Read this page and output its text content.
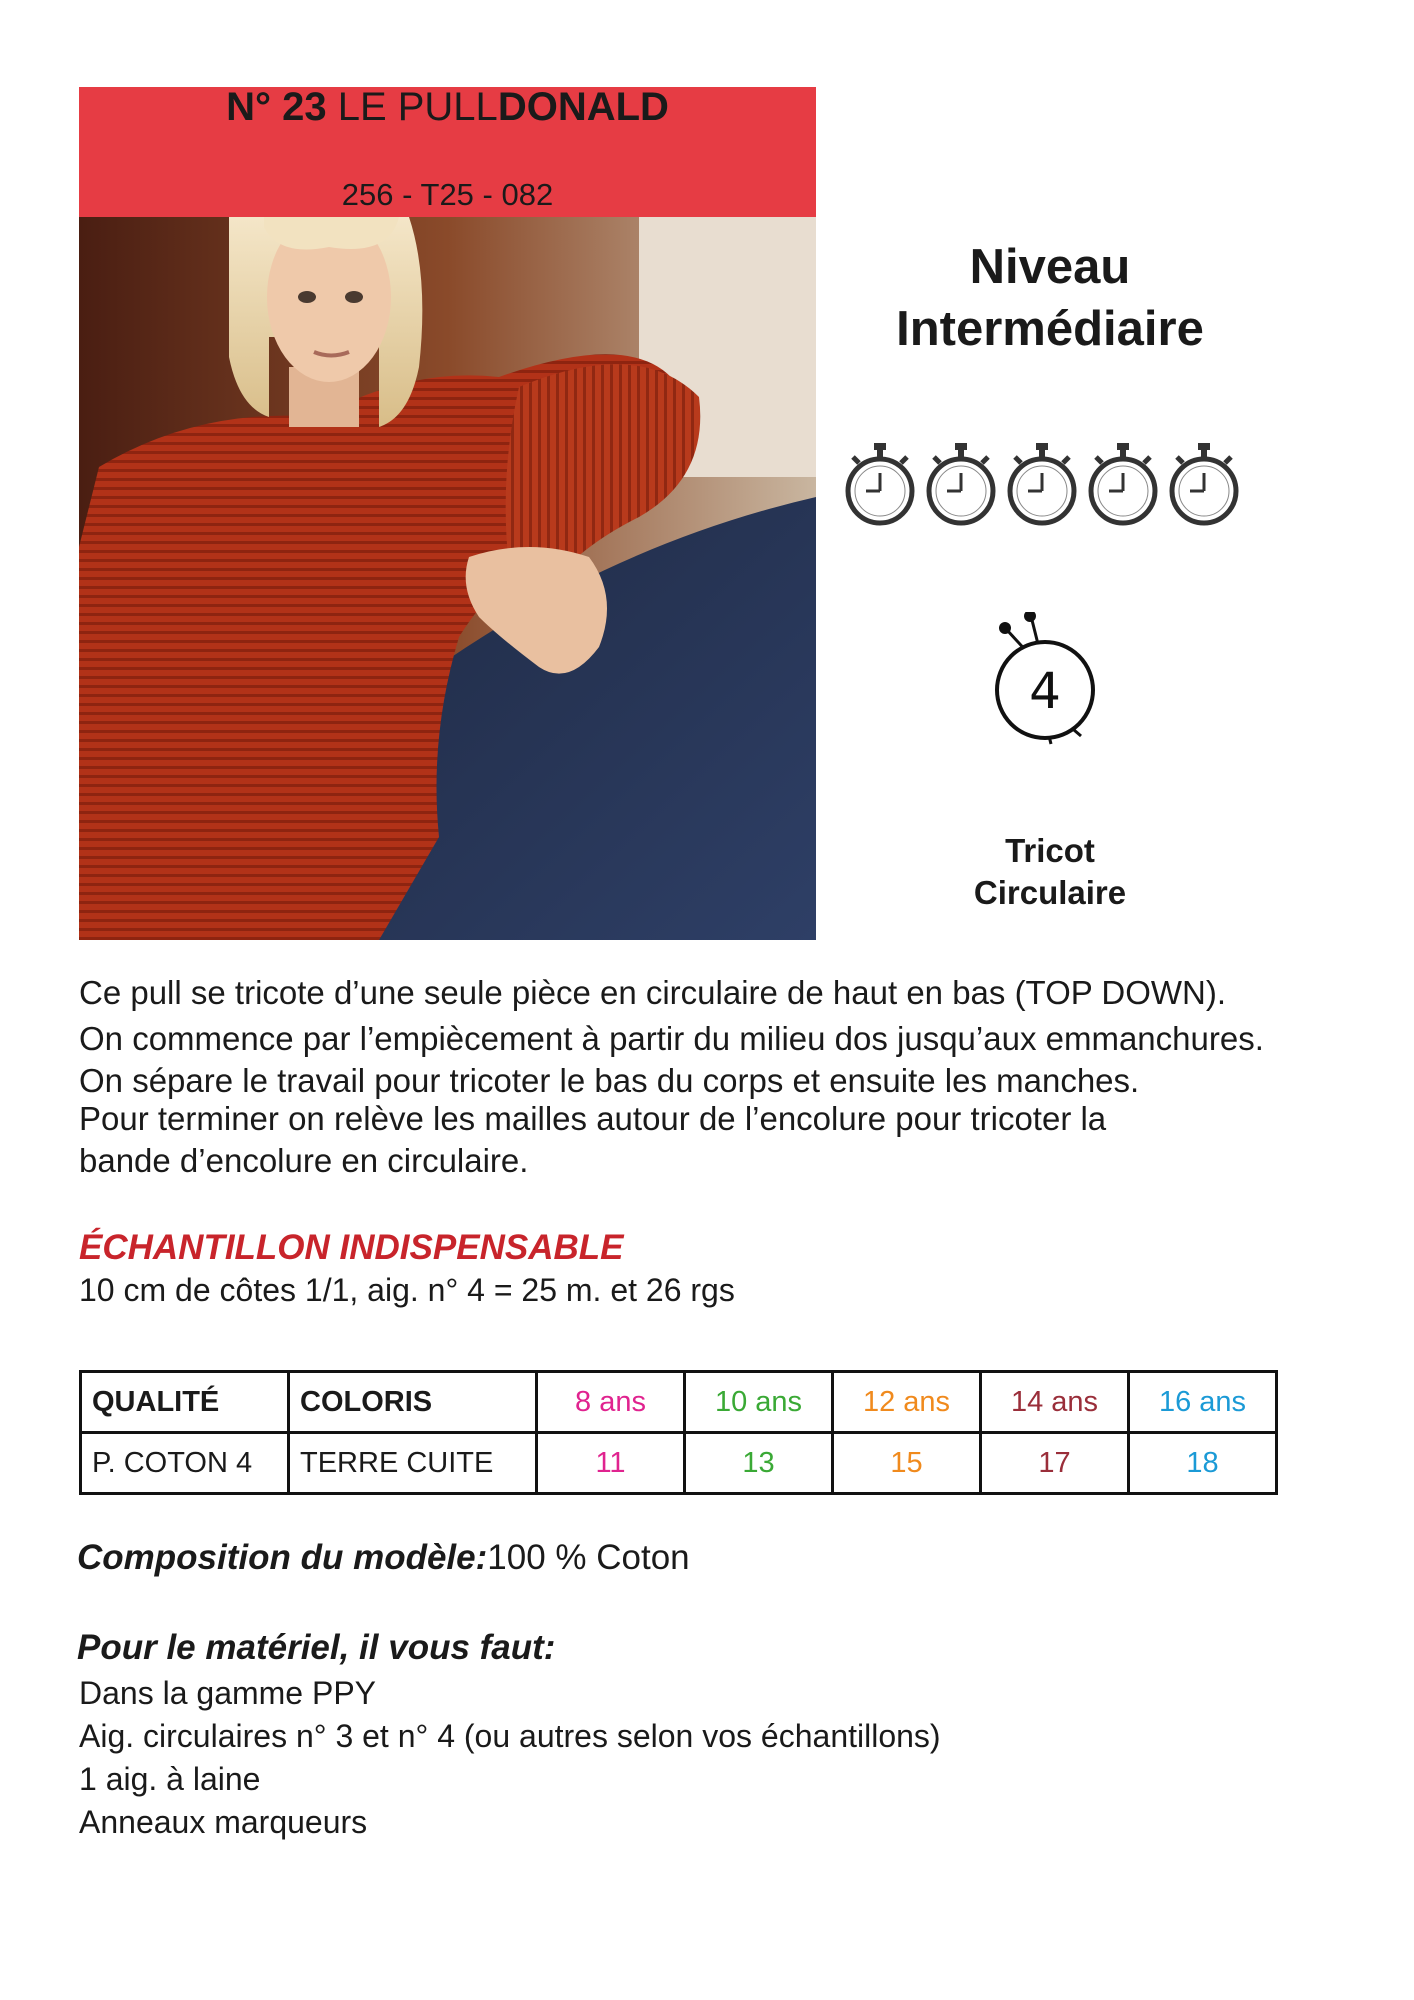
N° 23 LE PULLDONALD
256 - T25 - 082
Niveau
Intermédiaire
4
Tricot
Circulaire

Ce pull se tricote d’une seule pièce en circulaire de haut en bas (TOP DOWN).

On commence par l’empiècement à partir du milieu dos jusqu’aux emmanchures.

On sépare le travail pour tricoter le bas du corps et ensuite les manches.

Pour terminer on relève les mailles autour de l’encolure pour tricoter la

bande d’encolure en circulaire.

ÉCHANTILLON INDISPENSABLE
10 cm de côtes 1/1, aig. n° 4 = 25 m. et 26 rgs
QUALITÉ	COLORIS	8 ans	10 ans	12 ans	14 ans	16 ans
P. COTON 4	TERRE CUITE	11	13	15	17	18
Composition du modèle:100 % Coton
Pour le matériel, il vous faut:
Dans la gamme PPY
Aig. circulaires n° 3 et n° 4 (ou autres selon vos échantillons)
1 aig. à laine
Anneaux marqueurs
